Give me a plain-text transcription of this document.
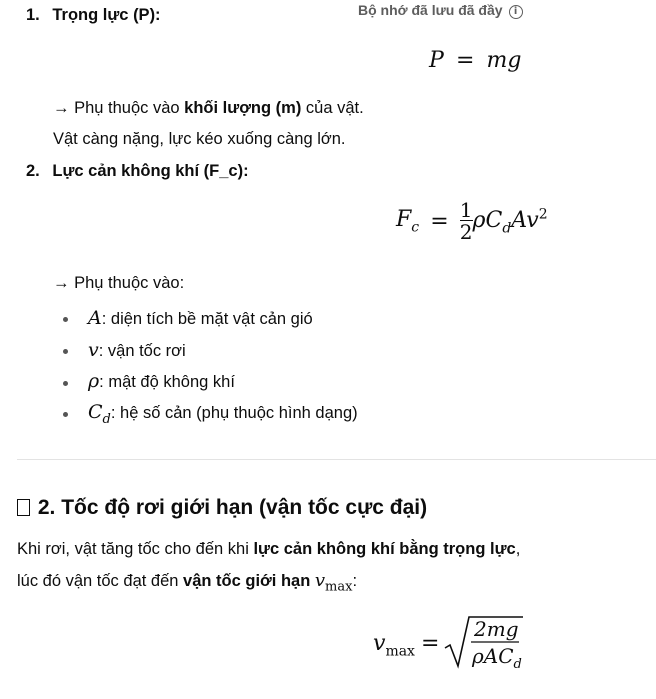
Bộ nhớ đã lưu đã đầy i
1. Trọng lực (P):
P = mg
→ Phụ thuộc vào khối lượng (m) của vật.
Vật càng nặng, lực kéo xuống càng lớn.
2. Lực cản không khí (F_c):
$F_c = \frac{1}{2} \rho C_dAv^2$
→ Phụ thuộc vào:
A: diện tích bề mặt vật cản gió
v: vận tốc rơi
ρ: mật độ không khí
$C_d$: hệ số cản (phụ thuộc hình dạng)
2. Tốc độ rơi giới hạn (vận tốc cực đại)
Khi rơi, vật tăng tốc cho đến khi lực cản không khí bằng trọng lực,
lúc đó vận tốc đạt đến vận tốc giới hạn $v_{max}$:
$v_{max}$ =
2mg
ρAC$_d$
